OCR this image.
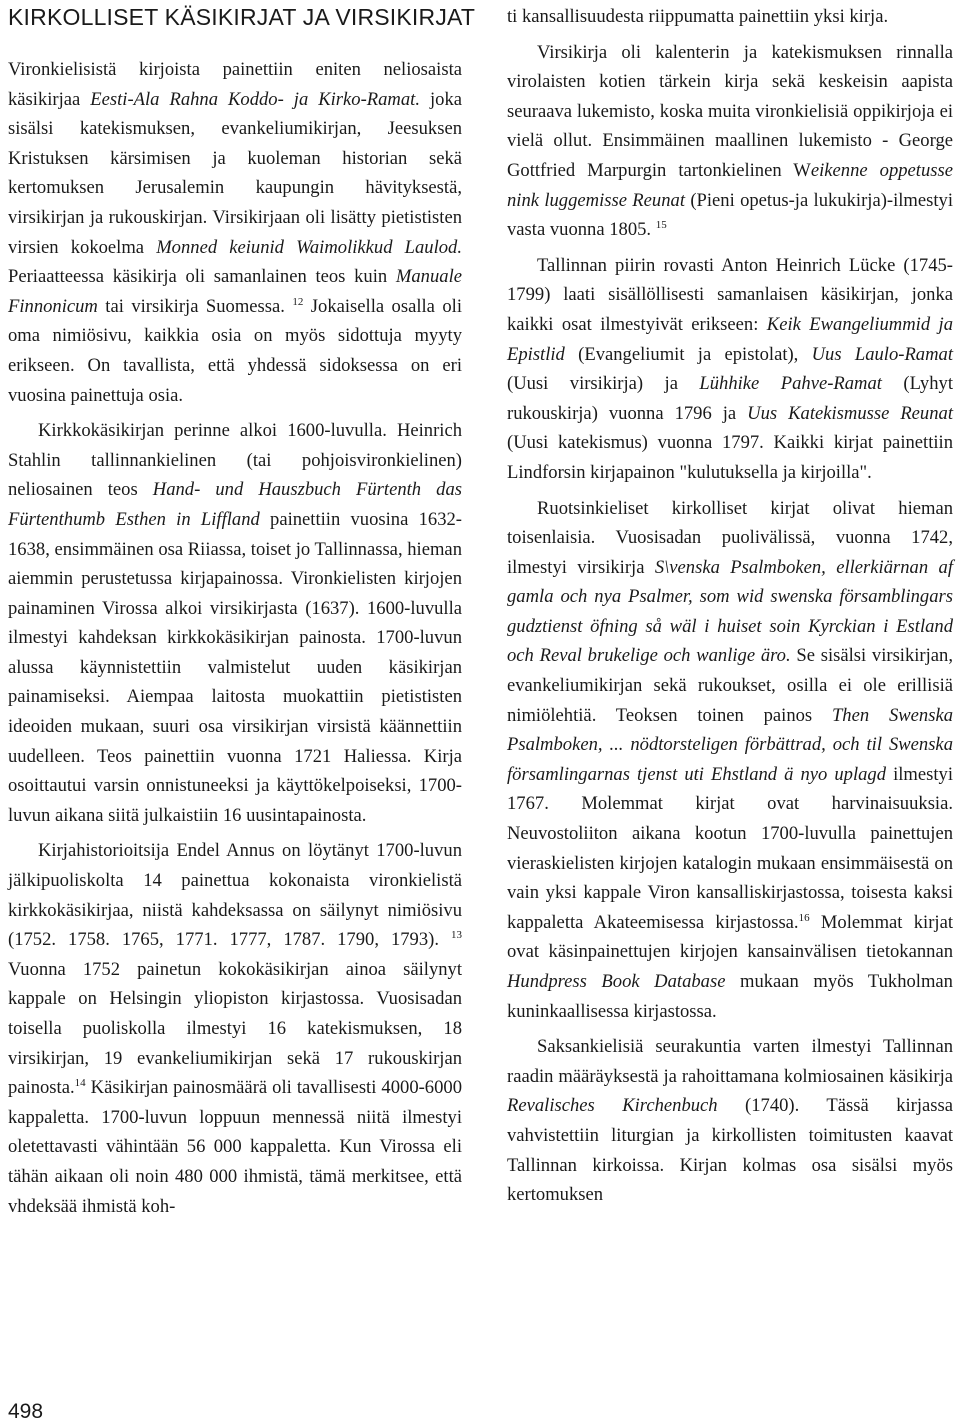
KIRKOLLISET KÄSIKIRJAT JA VIRSIKIRJAT

Vironkielisistä kirjoista painettiin eniten neliosaista käsikirjaa Eesti-Ala Rahna Koddo- ja Kirko-Ramat. joka sisälsi katekismuksen, evankeliumikirjan, Jeesuksen Kristuksen kärsimisen ja kuoleman historian sekä kertomuksen Jerusalemin kaupungin hävityksestä, virsikirjan ja rukouskirjan. Virsikirjaan oli lisätty pietististen virsien kokoelma Monned keiunid Waimolikkud Laulod. Periaatteessa käsikirja oli samanlainen teos kuin Manuale Finnonicum tai virsikirja Suomessa. $^{12}$ Jokaisella osalla oli oma nimiösivu, kaikkia osia on myös sidottuja myyty erikseen. On tavallista, että yhdessä sidoksessa on eri vuosina painettuja osia.

Kirkkokäsikirjan perinne alkoi 1600-luvulla. Heinrich Stahlin tallinnankielinen (tai pohjoisvironkielinen) neliosainen teos Hand- und Hauszbuch Fürtenth das Fürtenthumb Esthen in Liffland painettiin vuosina 1632-1638, ensimmäinen osa Riiassa, toiset jo Tallinnassa, hieman aiemmin perustetussa kirjapainossa. Vironkielisten kirjojen painaminen Virossa alkoi virsikirjasta (1637). 1600-luvulla ilmestyi kahdeksan kirkkokäsikirjan painosta. 1700-luvun alussa käynnistettiin valmistelut uuden käsikirjan painamiseksi. Aiempaa laitosta muokattiin pietististen ideoiden mukaan, suuri osa virsikirjan virsistä käännettiin uudelleen. Teos painettiin vuonna 1721 Haliessa. Kirja osoittautui varsin onnistuneeksi ja käyttökelpoiseksi, 1700-luvun aikana siitä julkaistiin 16 uusintapainosta.

Kirjahistorioitsija Endel Annus on löytänyt 1700-luvun jälkipuoliskolta 14 painettua kokonaista vironkielistä kirkkokäsikirjaa, niistä kahdeksassa on säilynyt nimiösivu (1752. 1758. 1765, 1771. 1777, 1787. 1790, 1793). $^{13}$ Vuonna 1752 painetun kokokäsikirjan ainoa säilynyt kappale on Helsingin yliopiston kirjastossa. Vuosisadan toisella puoliskolla ilmestyi 16 katekismuksen, 18 virsikirjan, 19 evankeliumikirjan sekä 17 rukouskirjan painosta.$^{14}$ Käsikirjan painosmäärä oli tavallisesti 4000-6000 kappaletta. 1700-luvun loppuun mennessä niitä ilmestyi oletettavasti vähintään 56 000 kappaletta. Kun Virossa eli tähän aikaan oli noin 480 000 ihmistä, tämä merkitsee, että vhdeksää ihmistä koh-

ti kansallisuudesta riippumatta painettiin yksi kirja.

Virsikirja oli kalenterin ja katekismuksen rinnalla virolaisten kotien tärkein kirja sekä keskeisin aapista seuraava lukemisto, koska muita vironkielisiä oppikirjoja ei vielä ollut. Ensimmäinen maallinen lukemisto - George Gottfried Marpurgin tartonkielinen Weikenne oppetusse nink luggemisse Reunat (Pieni opetus-ja lukukirja)-ilmestyi vasta vuonna 1805. $^{15}$

Tallinnan piirin rovasti Anton Heinrich Lücke (1745-1799) laati sisällöllisesti samanlaisen käsikirjan, jonka kaikki osat ilmestyivät erikseen: Keik Ewangeliummid ja Epistlid (Evangeliumit ja epistolat), Uus Laulo-Ramat (Uusi virsikirja) ja Lühhike Pahve-Ramat (Lyhyt rukouskirja) vuonna 1796 ja Uus Katekismusse Reunat (Uusi katekismus) vuonna 1797. Kaikki kirjat painettiin Lindforsin kirjapainon "kulutuksella ja kirjoilla".

Ruotsinkieliset kirkolliset kirjat olivat hieman toisenlaisia. Vuosisadan puolivälissä, vuonna 1742, ilmestyi virsikirja S\venska Psalmboken, ellerkiärnan af gamla och nya Psalmer, som wid swenska församblingars gudztienst öfning så wäl i huiset soin Kyrckian i Estland och Reval brukelige och wanlige äro. Se sisälsi virsikirjan, evankeliumikirjan sekä rukoukset, osilla ei ole erillisiä nimiölehtiä. Teoksen toinen painos Then Swenska Psalmboken, ... nödtorsteligen förbättrad, och til Swenska församlingarnas tjenst uti Ehstland ä nyo uplagd ilmestyi 1767. Molemmat kirjat ovat harvinaisuuksia. Neuvostoliiton aikana kootun 1700-luvulla painettujen vieraskielisten kirjojen katalogin mukaan ensimmäisestä on vain yksi kappale Viron kansalliskirjastossa, toisesta kaksi kappaletta Akateemisessa kirjastossa.$^{16}$ Molemmat kirjat ovat käsinpainettujen kirjojen kansainvälisen tietokannan Hundpress Book Database mukaan myös Tukholman kuninkaallisessa kirjastossa.

Saksankielisiä seurakuntia varten ilmestyi Tallinnan raadin määräyksestä ja rahoittamana kolmiosainen käsikirja Revalisches Kirchenbuch (1740). Tässä kirjassa vahvistettiin liturgian ja kirkollisten toimitusten kaavat Tallinnan kirkoissa. Kirjan kolmas osa sisälsi myös kertomuksen

498
